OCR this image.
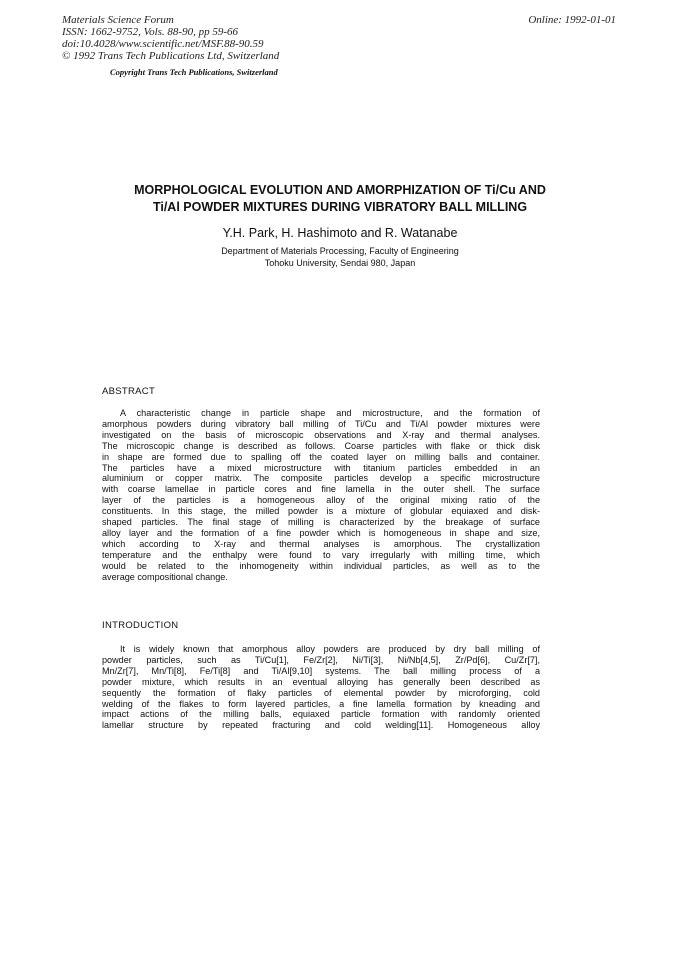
Materials Science Forum
ISSN: 1662-9752, Vols. 88-90, pp 59-66
doi:10.4028/www.scientific.net/MSF.88-90.59
© 1992 Trans Tech Publications Ltd, Switzerland
Online: 1992-01-01
Copyright Trans Tech Publications, Switzerland
MORPHOLOGICAL EVOLUTION AND AMORPHIZATION OF Ti/Cu AND
Ti/Al POWDER MIXTURES DURING VIBRATORY BALL MILLING
Y.H. Park, H. Hashimoto and R. Watanabe
Department of Materials Processing, Faculty of Engineering
Tohoku University, Sendai 980, Japan
ABSTRACT
A characteristic change in particle shape and microstructure, and the formation of
amorphous powders during vibratory ball milling of Ti/Cu and Ti/Al powder mixtures were
investigated on the basis of microscopic observations and X-ray and thermal analyses.
The microscopic change is described as follows. Coarse particles with flake or thick disk
in shape are formed due to spalling off the coated layer on milling balls and container.
The particles have a mixed microstructure with titanium particles embedded in an
aluminium or copper matrix. The composite particles develop a specific microstructure
with coarse lamellae in particle cores and fine lamella in the outer shell. The surface
layer of the particles is a homogeneous alloy of the original mixing ratio of the
constituents. In this stage, the milled powder is a mixture of globular equiaxed and disk-
shaped particles. The final stage of milling is characterized by the breakage of surface
alloy layer and the formation of a fine powder which is homogeneous in shape and size,
which according to X-ray and thermal analyses is amorphous. The crystallization
temperature and the enthalpy were found to vary irregularly with milling time, which
would be related to the inhomogeneity within individual particles, as well as to the
average compositional change.
INTRODUCTION
It is widely known that amorphous alloy powders are produced by dry ball milling of
powder particles, such as Ti/Cu[1], Fe/Zr[2], Ni/Ti[3], Ni/Nb[4,5], Zr/Pd[6], Cu/Zr[7],
Mn/Zr[7], Mn/Ti[8], Fe/Ti[8] and Ti/Al[9,10] systems. The ball milling process of a
powder mixture, which results in an eventual alloying has generally been described as
sequently the formation of flaky particles of elemental powder by microforging, cold
welding of the flakes to form layered particles, a fine lamella formation by kneading and
impact actions of the milling balls, equiaxed particle formation with randomly oriented
lamellar structure by repeated fracturing and cold welding[11]. Homogeneous alloy
